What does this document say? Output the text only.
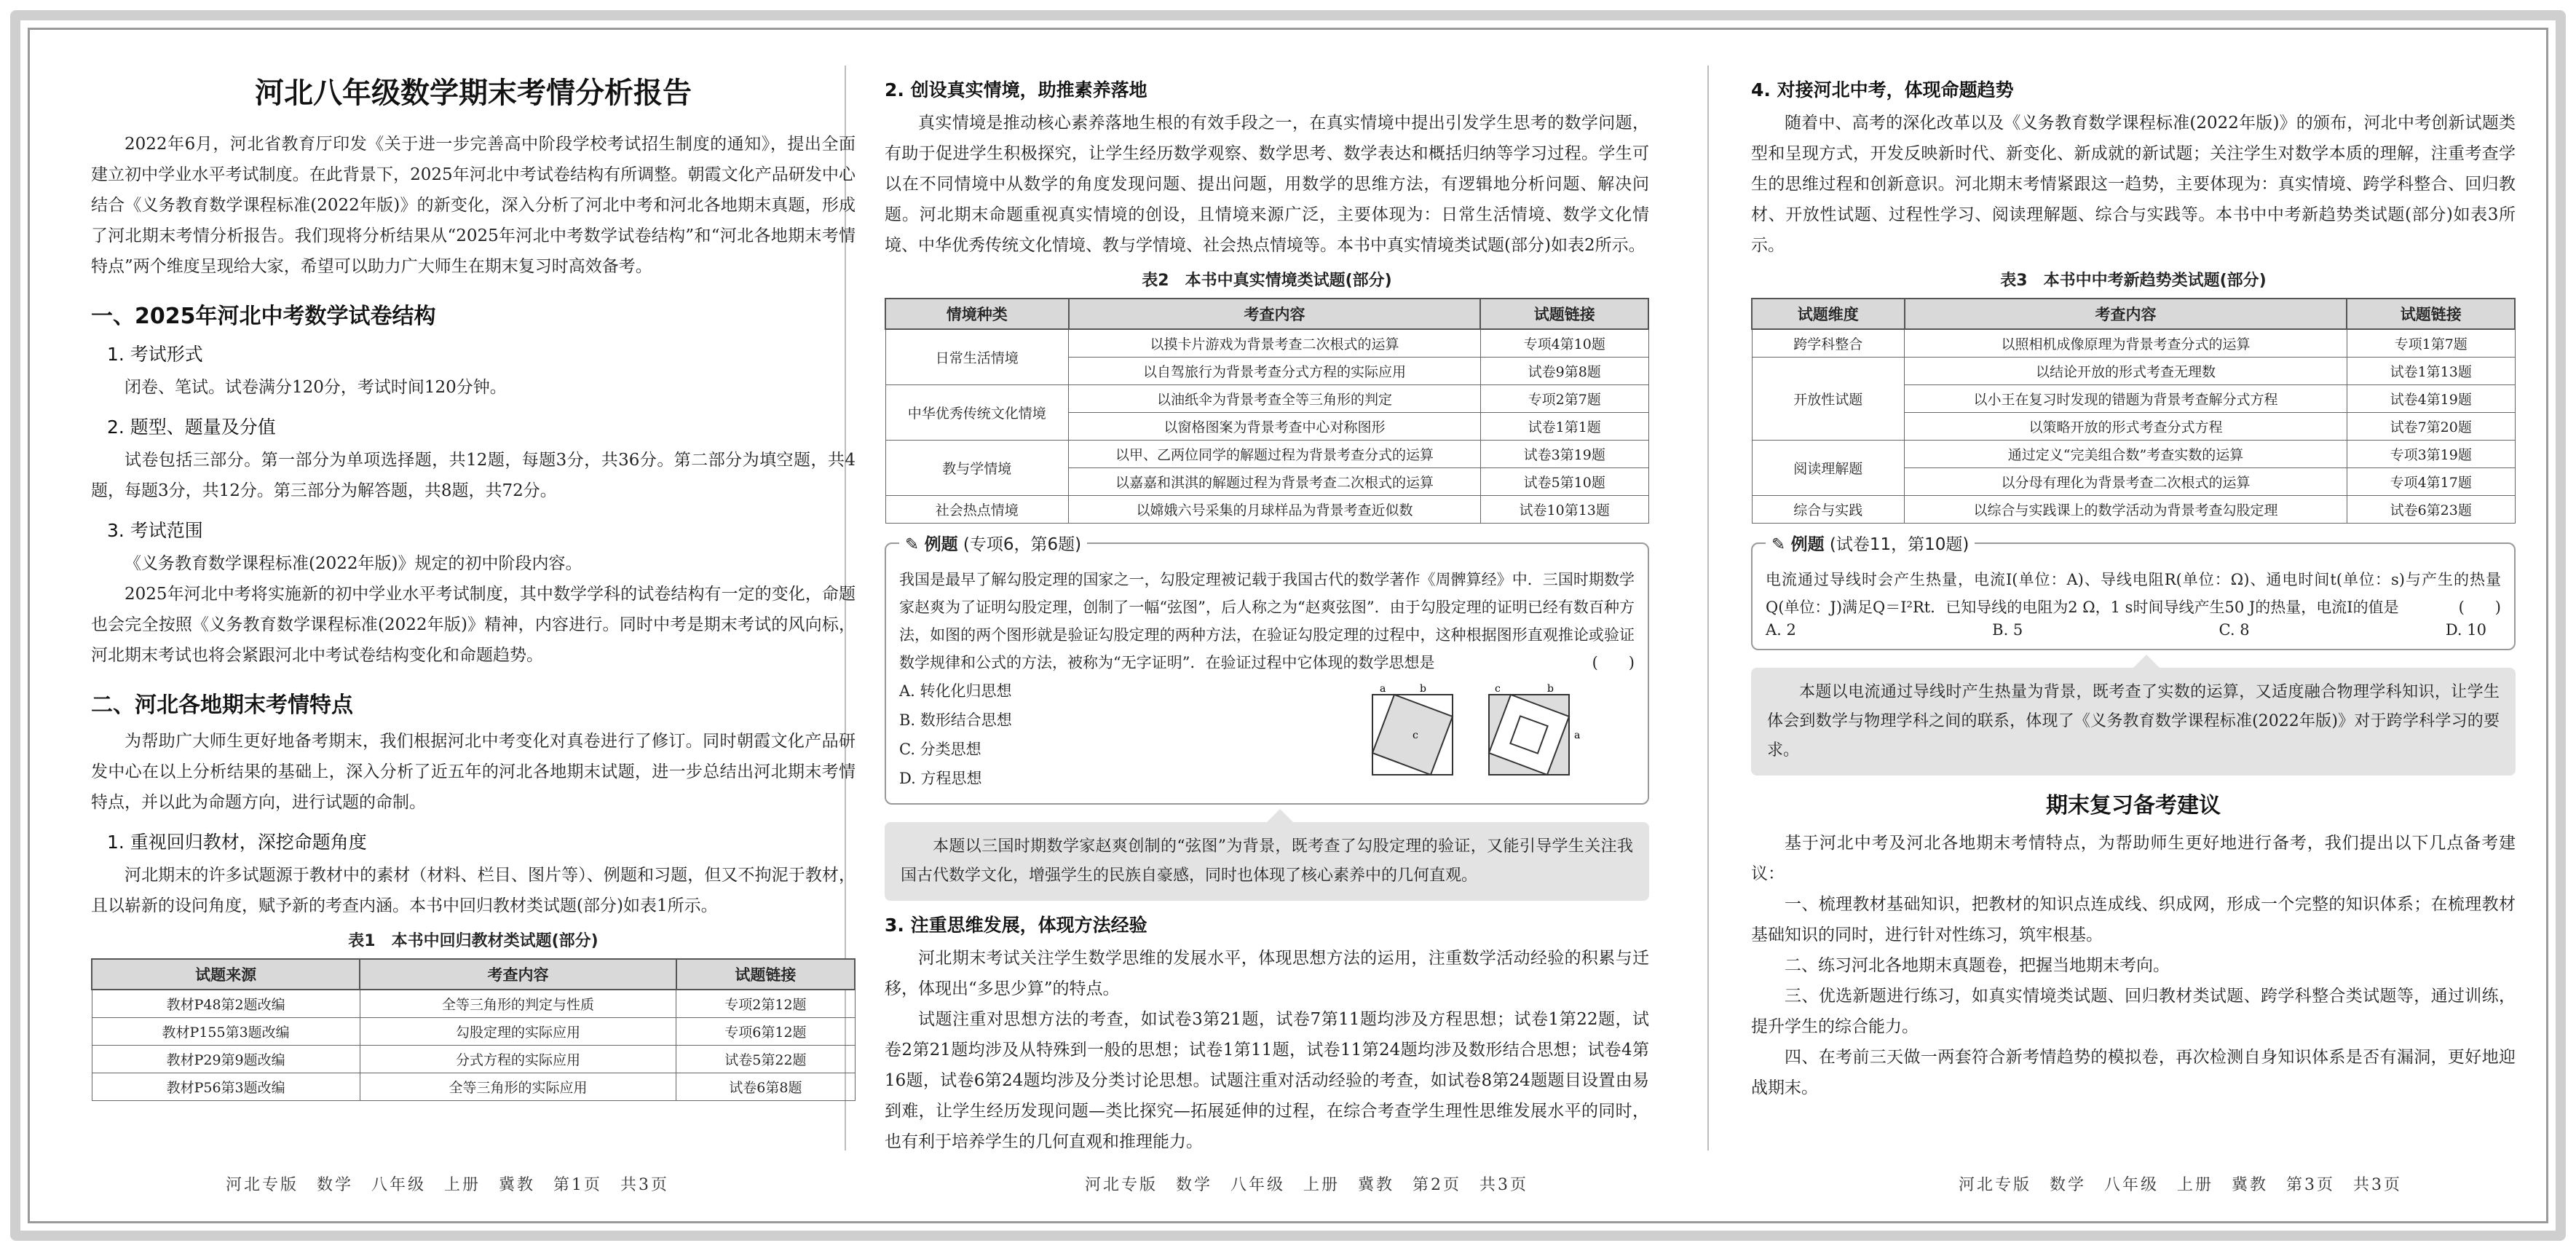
河北八年级数学期末考情分析报告

2022年6月，河北省教育厅印发《关于进一步完善高中阶段学校考试招生制度的通知》，提出全面建立初中学业水平考试制度。在此背景下，2025年河北中考试卷结构有所调整。朝霞文化产品研发中心结合《义务教育数学课程标准(2022年版)》的新变化，深入分析了河北中考和河北各地期末真题，形成了河北期末考情分析报告。我们现将分析结果从“2025年河北中考数学试卷结构”和“河北各地期末考情特点”两个维度呈现给大家，希望可以助力广大师生在期末复习时高效备考。

一、2025年河北中考数学试卷结构
1. 考试形式

闭卷、笔试。试卷满分120分，考试时间120分钟。

2. 题型、题量及分值

试卷包括三部分。第一部分为单项选择题，共12题，每题3分，共36分。第二部分为填空题，共4题，每题3分，共12分。第三部分为解答题，共8题，共72分。

3. 考试范围

《义务教育数学课程标准(2022年版)》规定的初中阶段内容。

2025年河北中考将实施新的初中学业水平考试制度，其中数学学科的试卷结构有一定的变化，命题也会完全按照《义务教育数学课程标准(2022年版)》精神，内容进行。同时中考是期末考试的风向标，河北期末考试也将会紧跟河北中考试卷结构变化和命题趋势。

二、河北各地期末考情特点

为帮助广大师生更好地备考期末，我们根据河北中考变化对真卷进行了修订。同时朝霞文化产品研发中心在以上分析结果的基础上，深入分析了近五年的河北各地期末试题，进一步总结出河北期末考情特点，并以此为命题方向，进行试题的命制。

1. 重视回归教材，深挖命题角度

河北期末的许多试题源于教材中的素材（材料、栏目、图片等）、例题和习题，但又不拘泥于教材，且以崭新的设问角度，赋予新的考查内涵。本书中回归教材类试题(部分)如表1所示。

表1　本书中回归教材类试题(部分)
试题来源	考查内容	试题链接
教材P48第2题改编	全等三角形的判定与性质	专项2第12题
教材P155第3题改编	勾股定理的实际应用	专项6第12题
教材P29第9题改编	分式方程的实际应用	试卷5第22题
教材P56第3题改编	全等三角形的实际应用	试卷6第8题
河北专版　数学　八年级　上册　冀教　第1页　共3页
2. 创设真实情境，助推素养落地

真实情境是推动核心素养落地生根的有效手段之一，在真实情境中提出引发学生思考的数学问题，有助于促进学生积极探究，让学生经历数学观察、数学思考、数学表达和概括归纳等学习过程。学生可以在不同情境中从数学的角度发现问题、提出问题，用数学的思维方法，有逻辑地分析问题、解决问题。河北期末命题重视真实情境的创设，且情境来源广泛，主要体现为：日常生活情境、数学文化情境、中华优秀传统文化情境、教与学情境、社会热点情境等。本书中真实情境类试题(部分)如表2所示。

表2　本书中真实情境类试题(部分)
情境种类	考查内容	试题链接
日常生活情境	以摸卡片游戏为背景考查二次根式的运算	专项4第10题
	以自驾旅行为背景考查分式方程的实际应用	试卷9第8题
中华优秀传统文化情境	以油纸伞为背景考查全等三角形的判定	专项2第7题
	以窗格图案为背景考查中心对称图形	试卷1第1题
教与学情境	以甲、乙两位同学的解题过程为背景考查分式的运算	试卷3第19题
	以嘉嘉和淇淇的解题过程为背景考查二次根式的运算	试卷5第10题
社会热点情境	以嫦娥六号采集的月球样品为背景考查近似数	试卷10第13题
✎ 例题 (专项6，第6题)

我国是最早了解勾股定理的国家之一，勾股定理被记载于我国古代的数学著作《周髀算经》中．三国时期数学家赵爽为了证明勾股定理，创制了一幅“弦图”，后人称之为“赵爽弦图”．由于勾股定理的证明已经有数百种方法，如图的两个图形就是验证勾股定理的两种方法，在验证勾股定理的过程中，这种根据图形直观推论或验证数学规律和公式的方法，被称为“无字证明”．在验证过程中它体现的数学思想是	(　　)

A. 转化化归思想

B. 数形结合思想

C. 分类思想

D. 方程思想

a	b
c
c	b
a

本题以三国时期数学家赵爽创制的“弦图”为背景，既考查了勾股定理的验证，又能引导学生关注我国古代数学文化，增强学生的民族自豪感，同时也体现了核心素养中的几何直观。

3. 注重思维发展，体现方法经验

河北期末考试关注学生数学思维的发展水平，体现思想方法的运用，注重数学活动经验的积累与迁移，体现出“多思少算”的特点。

试题注重对思想方法的考查，如试卷3第21题，试卷7第11题均涉及方程思想；试卷1第22题，试卷2第21题均涉及从特殊到一般的思想；试卷1第11题，试卷11第24题均涉及数形结合思想；试卷4第16题，试卷6第24题均涉及分类讨论思想。试题注重对活动经验的考查，如试卷8第24题题目设置由易到难，让学生经历发现问题—类比探究—拓展延伸的过程，在综合考查学生理性思维发展水平的同时，也有利于培养学生的几何直观和推理能力。

河北专版　数学　八年级　上册　冀教　第2页　共3页
4. 对接河北中考，体现命题趋势

随着中、高考的深化改革以及《义务教育数学课程标准(2022年版)》的颁布，河北中考创新试题类型和呈现方式，开发反映新时代、新变化、新成就的新试题；关注学生对数学本质的理解，注重考查学生的思维过程和创新意识。河北期末考情紧跟这一趋势，主要体现为：真实情境、跨学科整合、回归教材、开放性试题、过程性学习、阅读理解题、综合与实践等。本书中中考新趋势类试题(部分)如表3所示。

表3　本书中中考新趋势类试题(部分)
试题维度	考查内容	试题链接
跨学科整合	以照相机成像原理为背景考查分式的运算	专项1第7题
开放性试题	以结论开放的形式考查无理数	试卷1第13题
	以小王在复习时发现的错题为背景考查解分式方程	试卷4第19题
	以策略开放的形式考查分式方程	试卷7第20题
阅读理解题	通过定义“完美组合数”考查实数的运算	专项3第19题
	以分母有理化为背景考查二次根式的运算	专项4第17题
综合与实践	以综合与实践课上的数学活动为背景考查勾股定理	试卷6第23题
✎ 例题 (试卷11，第10题)

电流通过导线时会产生热量，电流I(单位：A)、导线电阻R(单位：Ω)、通电时间t(单位：s)与产生的热量Q(单位：J)满足Q＝I²Rt．已知导线的电阻为2 Ω，1 s时间导线产生50 J的热量，电流I的值是	(　　)

A. 2	B. 5	C. 8	D. 10

本题以电流通过导线时产生热量为背景，既考查了实数的运算，又适度融合物理学科知识，让学生体会到数学与物理学科之间的联系，体现了《义务教育数学课程标准(2022年版)》对于跨学科学习的要求。

期末复习备考建议

基于河北中考及河北各地期末考情特点，为帮助师生更好地进行备考，我们提出以下几点备考建议：

一、梳理教材基础知识，把教材的知识点连成线、织成网，形成一个完整的知识体系；在梳理教材基础知识的同时，进行针对性练习，筑牢根基。

二、练习河北各地期末真题卷，把握当地期末考向。

三、优选新题进行练习，如真实情境类试题、回归教材类试题、跨学科整合类试题等，通过训练，提升学生的综合能力。

四、在考前三天做一两套符合新考情趋势的模拟卷，再次检测自身知识体系是否有漏洞，更好地迎战期末。

河北专版　数学　八年级　上册　冀教　第3页　共3页
